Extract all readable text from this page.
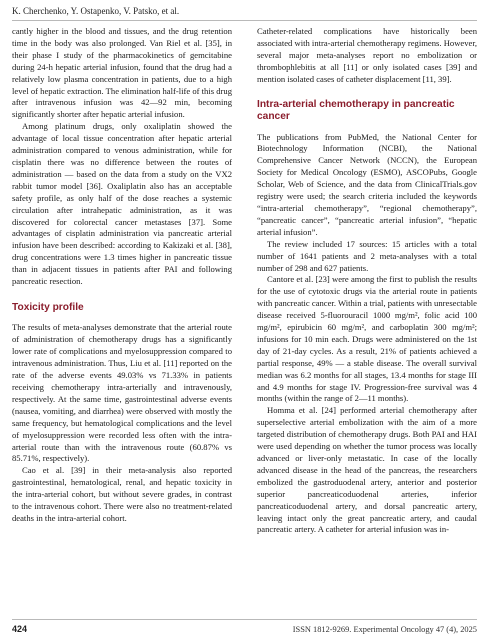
K. Cherchenko, Y. Ostapenko, V. Patsko, et al.

cantly higher in the blood and tissues, and the drug retention time in the body was also prolonged. Van Riel et al. [35], in their phase I study of the pharmacokinetics of gemcitabine during 24-h hepatic arterial infusion, found that the drug had a relatively low plasma concentration in patients, due to a high level of hepatic extraction. The elimination half-life of this drug after intravenous infusion was 42—92 min, becoming significantly shorter after hepatic arterial infusion.

Among platinum drugs, only oxaliplatin showed the advantage of local tissue concentration after hepatic arterial administration compared to venous administration, while for cisplatin there was no difference between the routes of administration — based on the data from a study on the VX2 rabbit tumor model [36]. Oxaliplatin also has an acceptable safety profile, as only half of the dose reaches a systemic circulation after intrahepatic administration, as it was discovered for colorectal cancer metastases [37]. Some advantages of cisplatin administration via pancreatic arterial infusion have been described: according to Kakizaki et al. [38], drug concentrations were 1.3 times higher in pancreatic tissue than in adjacent tissues in patients after PAI and following pancreatic resection.

Toxicity profile

The results of meta-analyses demonstrate that the arterial route of administration of chemotherapy drugs has a significantly lower rate of complications and myelosuppression compared to intravenous administration. Thus, Liu et al. [11] reported on the rate of the adverse events 49.03% vs 71.33% in patients receiving chemotherapy intra-arterially and intravenously, respectively. At the same time, gastrointestinal adverse events (nausea, vomiting, and diarrhea) were observed with mostly the same frequency, but hematological complications and the level of myelosuppression were recorded less often with the intra-arterial route than with the intravenous route (60.87% vs 85.71%, respectively).

Cao et al. [39] in their meta-analysis also reported gastrointestinal, hematological, renal, and hepatic toxicity in the intra-arterial cohort, but without severe grades, in contrast to the intravenous cohort. There were also no treatment-related deaths in the intra-arterial cohort.

Catheter-related complications have historically been associated with intra-arterial chemotherapy regimens. However, several major meta-analyses report no embolization or thrombophlebitis at all [11] or only isolated cases [39] and mention isolated cases of catheter displacement [11, 39].

Intra-arterial chemotherapy in pancreatic cancer

The publications from PubMed, the National Center for Biotechnology Information (NCBI), the National Comprehensive Cancer Network (NCCN), the European Society for Medical Oncology (ESMO), ASCOPubs, Google Scholar, Web of Science, and the data from ClinicalTrials.gov registry were used; the search criteria included the keywords “intra-arterial chemotherapy”, “regional chemotherapy”, “pancreatic cancer”, “pancreatic arterial infusion”, “hepatic arterial infusion”.

The review included 17 sources: 15 articles with a total number of 1641 patients and 2 meta-analyses with a total number of 298 and 627 patients.

Cantore et al. [23] were among the first to publish the results for the use of cytotoxic drugs via the arterial route in patients with pancreatic cancer. Within a trial, patients with unresectable disease received 5-fluorouracil 1000 mg/m², folic acid 100 mg/m², epirubicin 60 mg/m², and carboplatin 300 mg/m²; infusions for 10 min each. Drugs were administered on the 1st day of 21-day cycles. As a result, 21% of patients achieved a partial response, 49% — a stable disease. The overall survival median was 6.2 months for all stages, 13.4 months for stage III and 4.9 months for stage IV. Progression-free survival was 4 months (within the range of 2—11 months).

Homma et al. [24] performed arterial chemotherapy after superselective arterial embolization with the aim of a more targeted distribution of chemotherapy drugs. Both PAI and HAI were used depending on whether the tumor process was locally advanced or liver-only metastatic. In case of the locally advanced disease in the head of the pancreas, the researchers embolized the gastroduodenal artery, anterior and posterior superior pancreaticoduodenal arteries, inferior pancreaticoduodenal artery, and dorsal pancreatic artery, leaving intact only the great pancreatic artery, and caudal pancreatic artery. A catheter for arterial infusion was in-

424	ISSN 1812-9269. Experimental Oncology 47 (4), 2025
